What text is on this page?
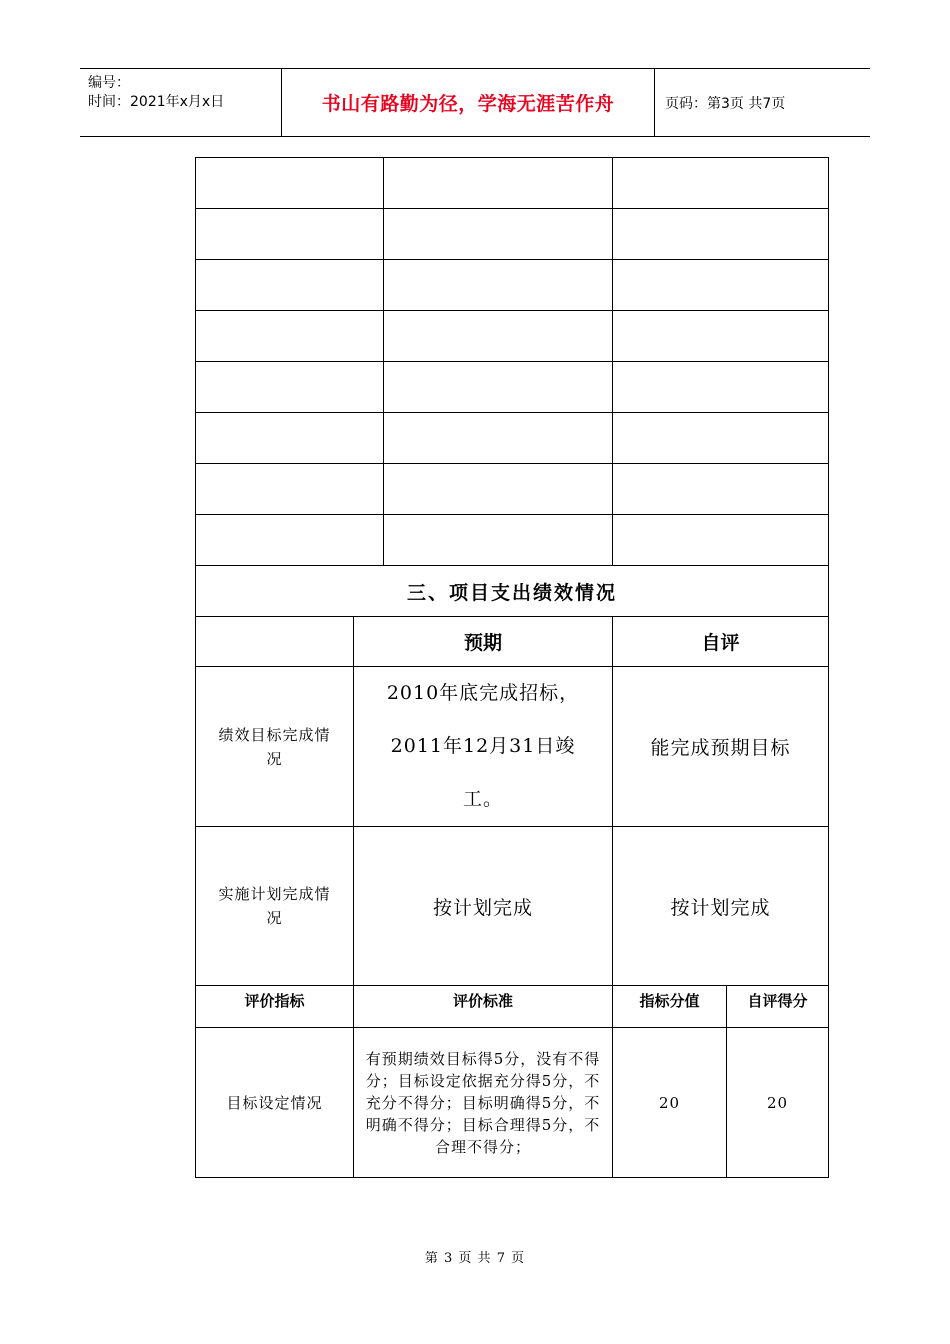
编号：
时间：2021年x月x日	书山有路勤为径，学海无涯苦作舟	页码：第3页 共7页

三、项目支出绩效情况				
	预期		自评	

绩效目标完成情况	2010年底完成招标，2011年12月31日竣工。		能完成预期目标	

实施计划完成情况	按计划完成		按计划完成	
评价指标	评价标准		指标分值	自评得分
目标设定情况	有预期绩效目标得5分，没有不得分；目标设定依据充分得5分，不充分不得分；目标明确得5分，不明确不得分；目标合理得5分，不合理不得分；		20	20
第 3 页 共 7 页
